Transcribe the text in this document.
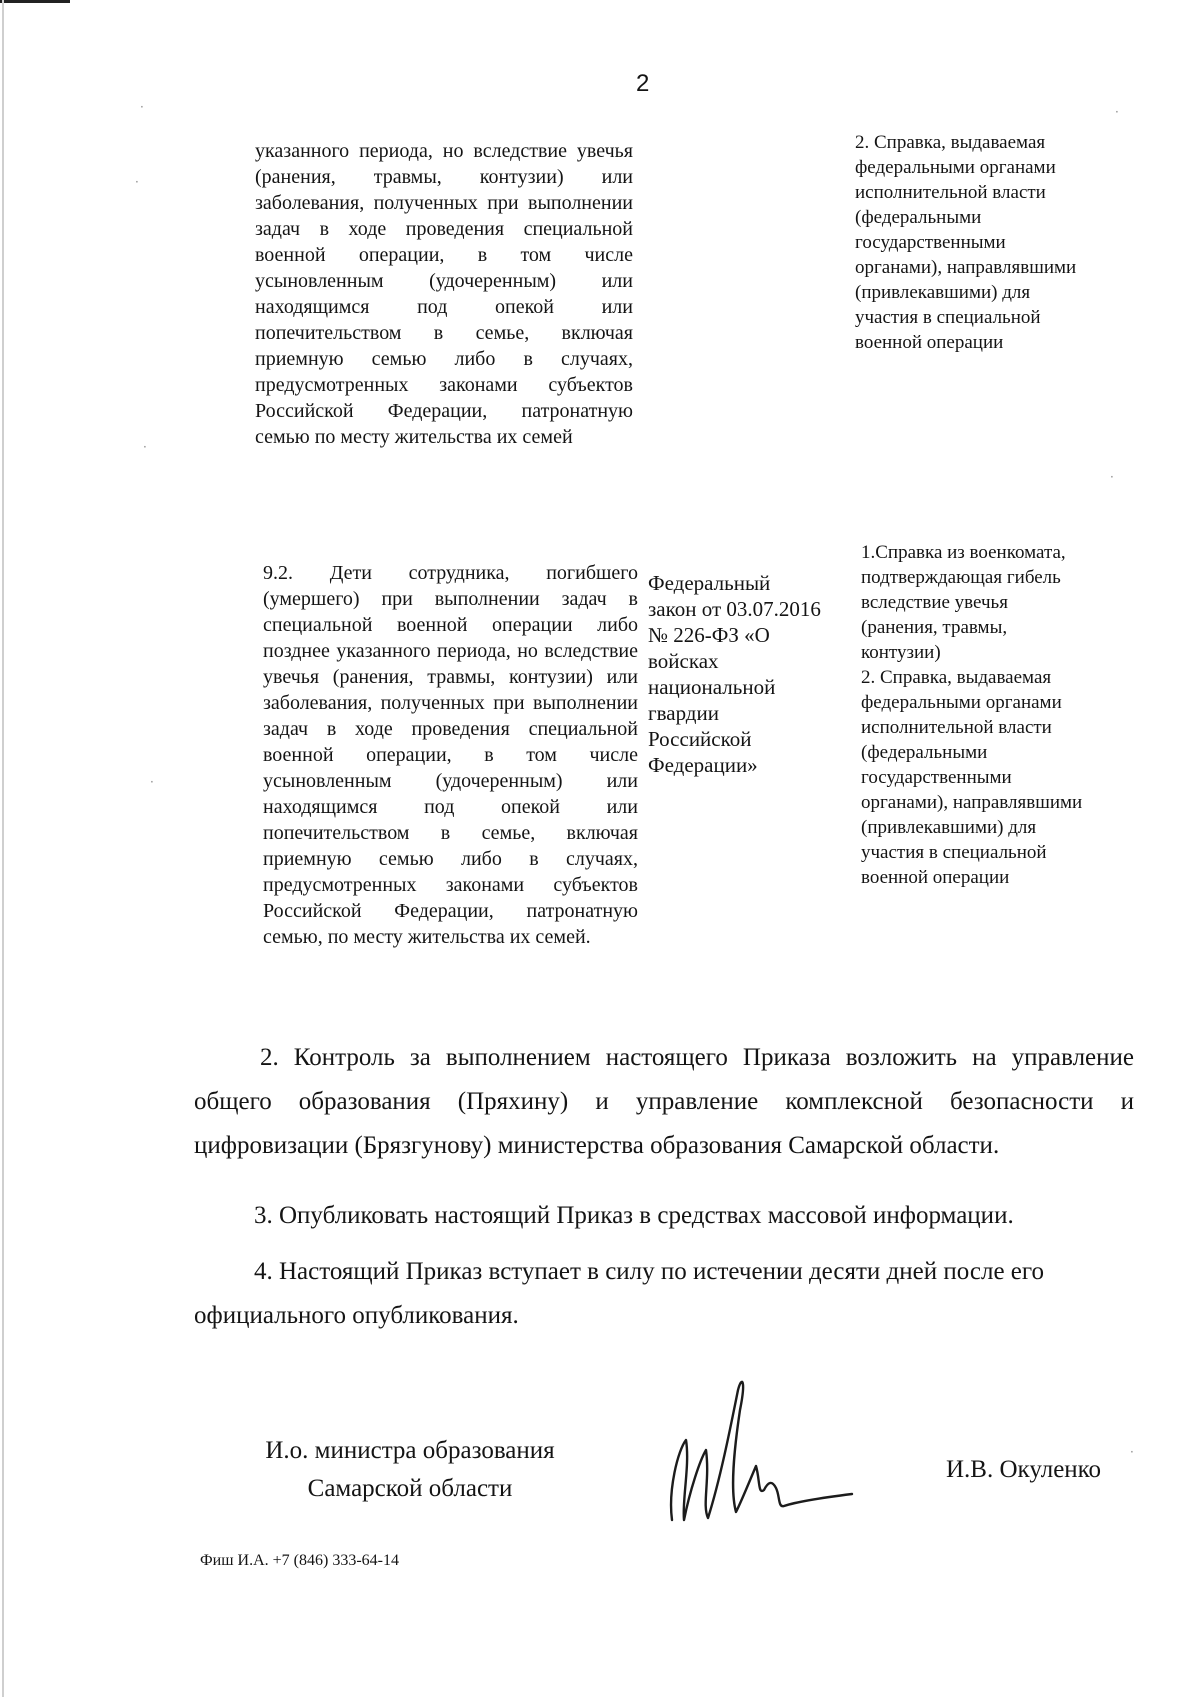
2
указанного периода, но вследствие увечья (ранения, травмы, контузии) или заболевания, полученных при выполнении задач в ходе проведения специальной военной операции, в том числе усыновленным (удочеренным) или находящимся под опекой или попечительством в семье, включая приемную семью либо в случаях, предусмотренных законами субъектов Российской Федерации, патронатную семью по месту жительства их семей
2. Справка, выдаваемая федеральными органами исполнительной власти (федеральными государственными органами), направлявшими (привлекавшими) для участия в специальной военной операции
9.2. Дети сотрудника, погибшего (умершего) при выполнении задач в специальной военной операции либо позднее указанного периода, но вследствие увечья (ранения, травмы, контузии) или заболевания, полученных при выполнении задач в ходе проведения специальной военной операции, в том числе усыновленным (удочеренным) или находящимся под опекой или попечительством в семье, включая приемную семью либо в случаях, предусмотренных законами субъектов Российской Федерации, патронатную семью, по месту жительства их семей.
Федеральный
закон от 03.07.2016
№ 226-ФЗ «О
войсках
национальной
гвардии
Российской
Федерации»
1.Справка из военкомата, подтверждающая гибель вследствие увечья (ранения, травмы, контузии)
2. Справка, выдаваемая федеральными органами исполнительной власти (федеральными государственными органами), направлявшими (привлекавшими) для участия в специальной военной операции
2. Контроль за выполнением настоящего Приказа возложить на управление общего образования (Пряхину) и управление комплексной безопасности и цифровизации (Брязгунову) министерства образования Самарской области.
3. Опубликовать настоящий Приказ в средствах массовой информации.
4. Настоящий Приказ вступает в силу по истечении десяти дней после его официального опубликования.
И.о. министра образования
Самарской области
И.В. Окуленко
Фиш И.А. +7 (846) 333-64-14
·
·
·
·
·
·
·
